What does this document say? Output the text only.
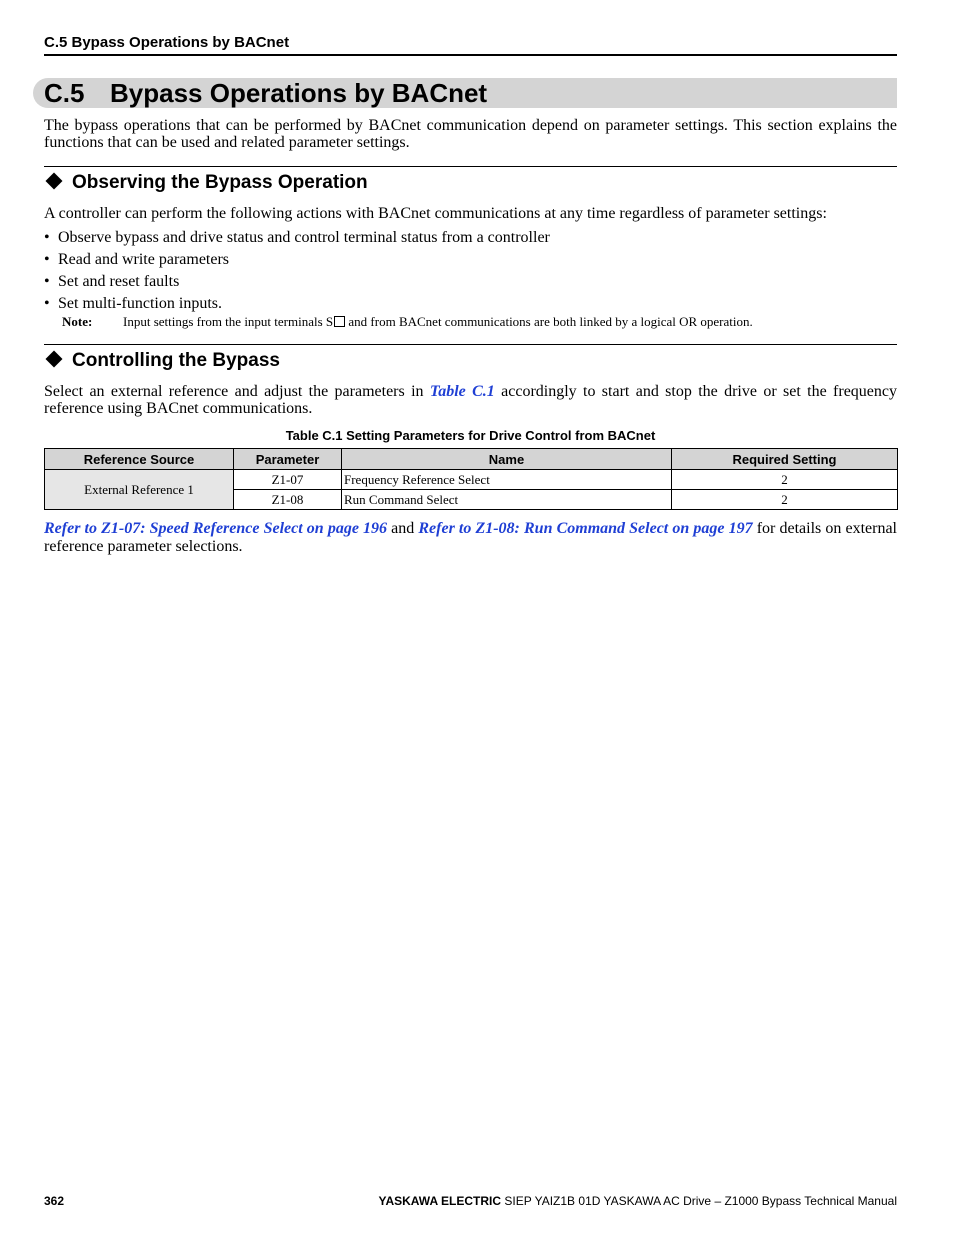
C.5 Bypass Operations by BACnet
C.5 Bypass Operations by BACnet
The bypass operations that can be performed by BACnet communication depend on parameter settings. This section explains the functions that can be used and related parameter settings.
Observing the Bypass Operation
A controller can perform the following actions with BACnet communications at any time regardless of parameter settings:
• Observe bypass and drive status and control terminal status from a controller
• Read and write parameters
• Set and reset faults
• Set multi-function inputs.
Note: Input settings from the input terminals S and from BACnet communications are both linked by a logical OR operation.
Controlling the Bypass
Select an external reference and adjust the parameters in Table C.1 accordingly to start and stop the drive or set the frequency reference using BACnet communications.
Table C.1 Setting Parameters for Drive Control from BACnet
Reference Source	Parameter	Name	Required Setting
External Reference 1	Z1-07	Frequency Reference Select	2
	Z1-08	Run Command Select	2
Refer to Z1-07: Speed Reference Select on page 196 and Refer to Z1-08: Run Command Select on page 197 for details on external reference parameter selections.
362	YASKAWA ELECTRIC SIEP YAIZ1B 01D YASKAWA AC Drive – Z1000 Bypass Technical Manual
